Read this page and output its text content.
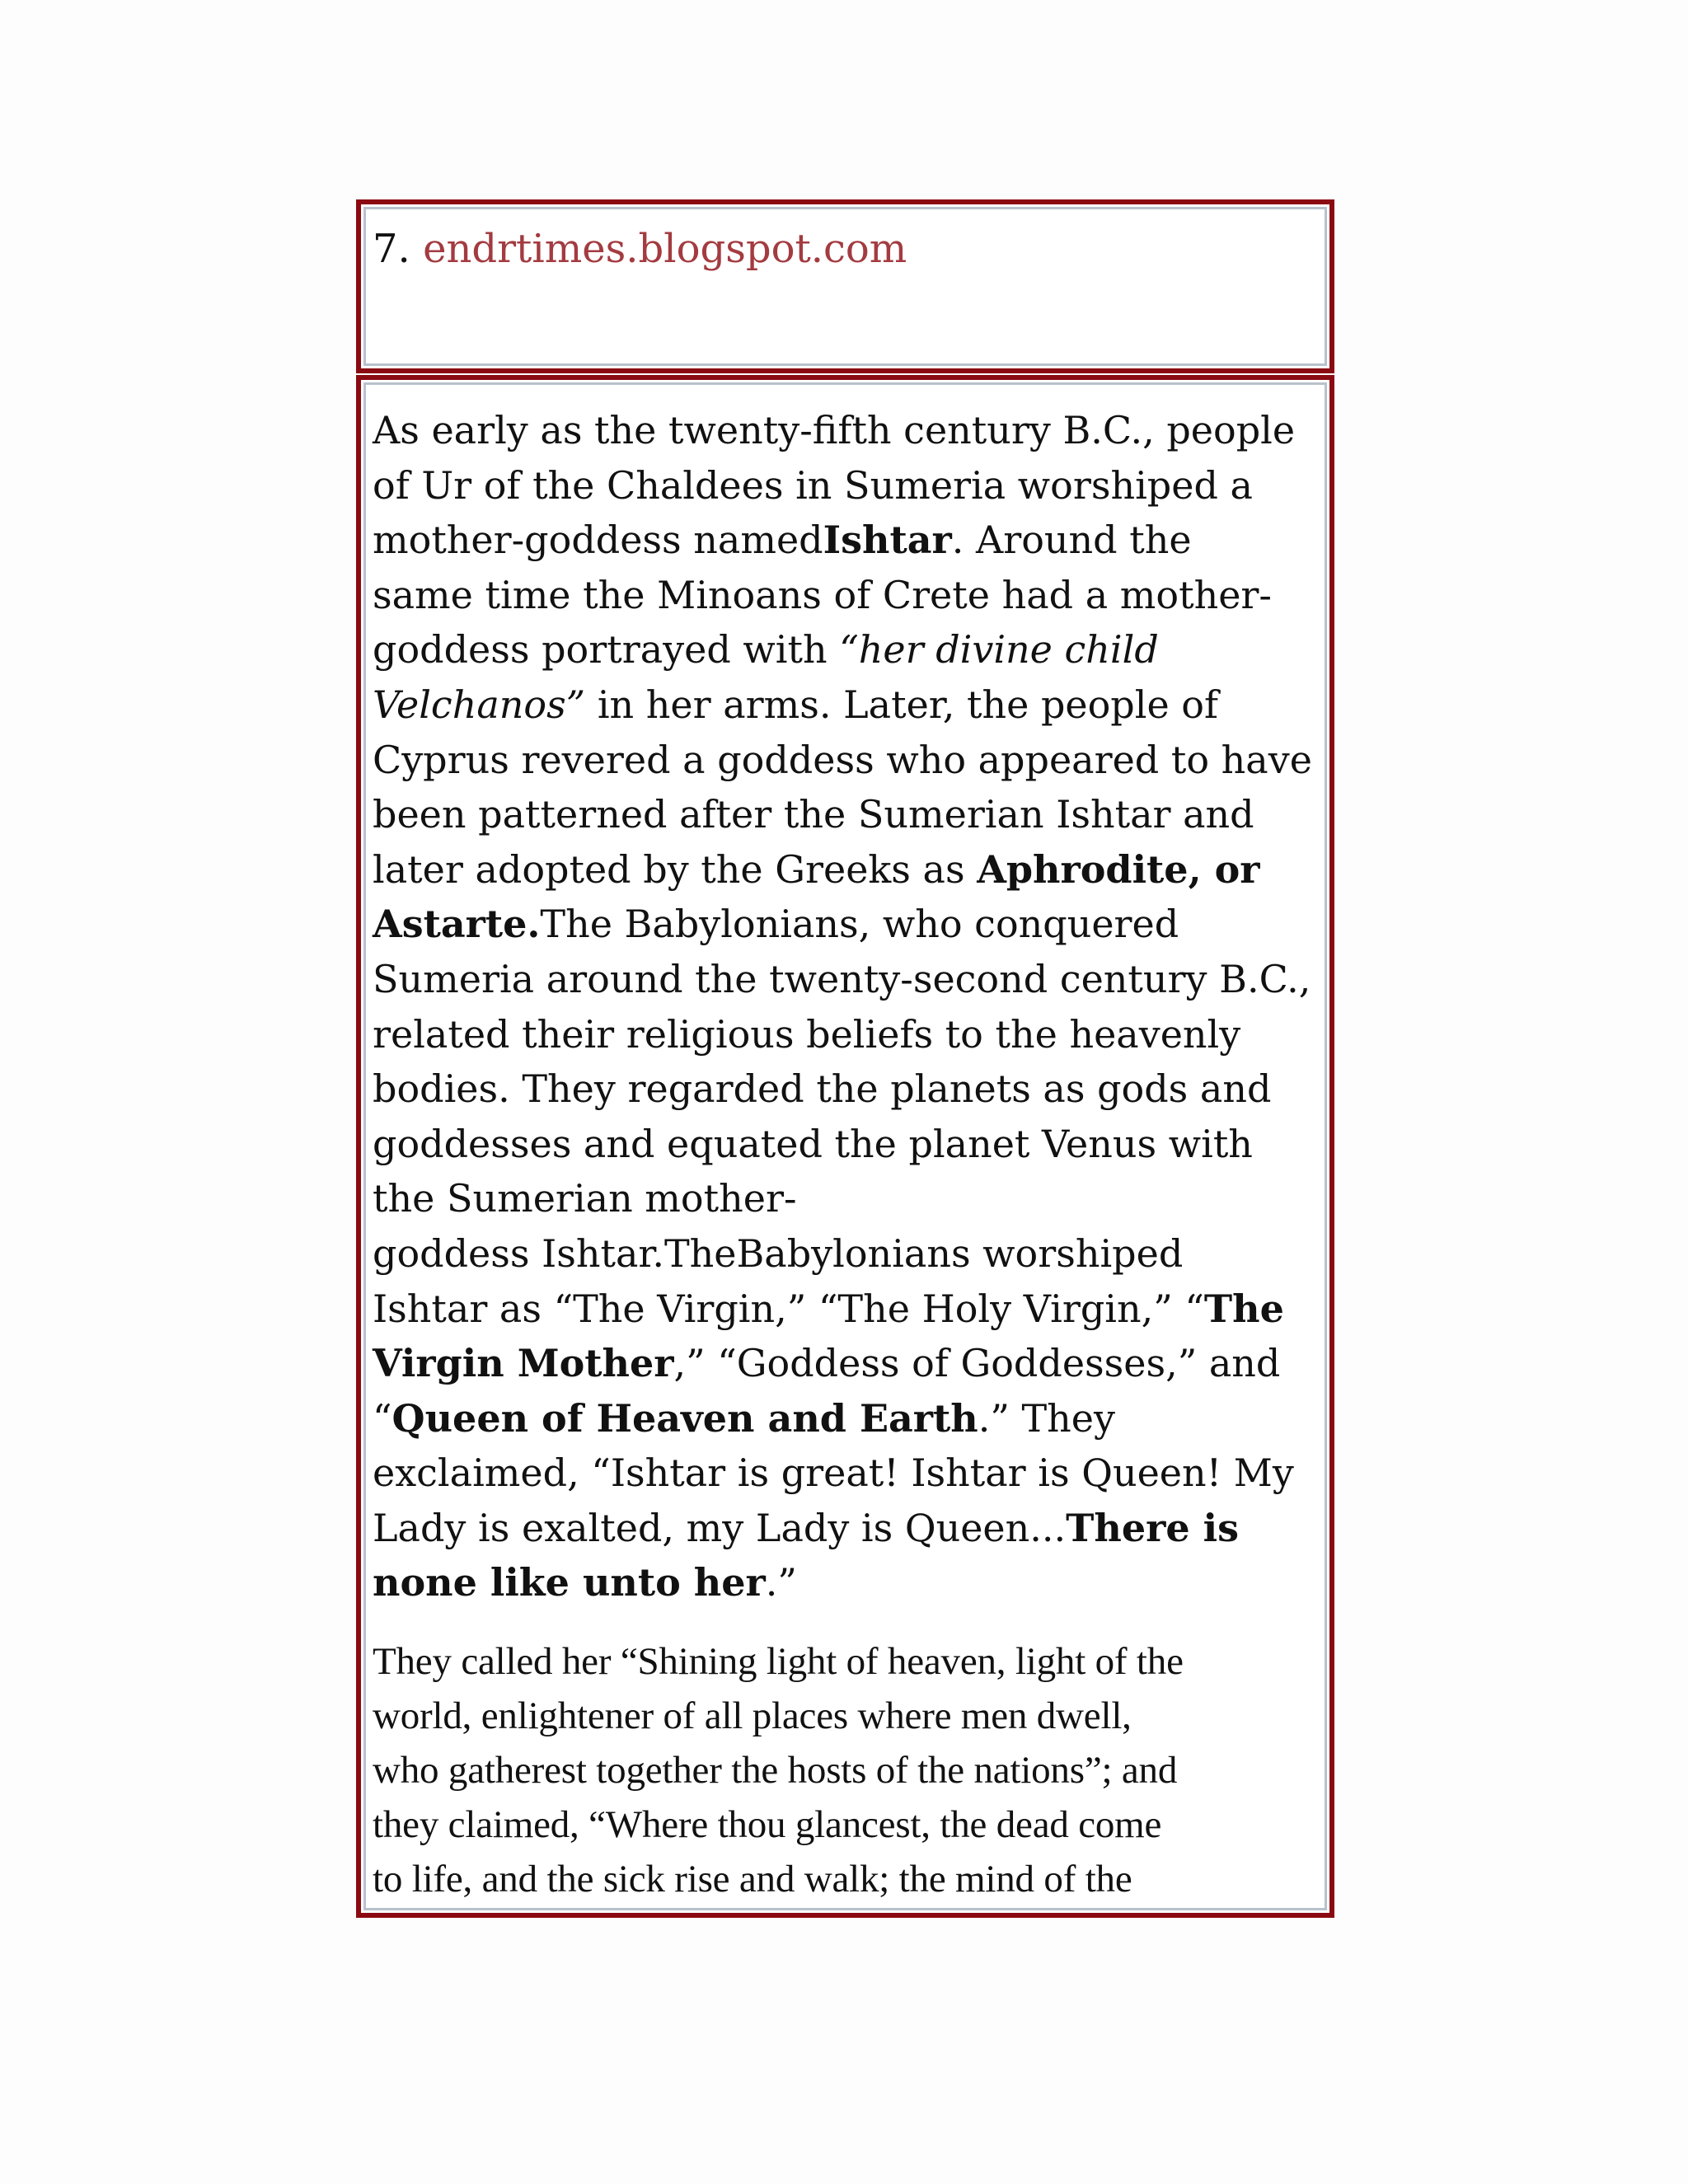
7. endrtimes.blogspot.com
As early as the twenty-fifth century B.C., people
of Ur of the Chaldees in Sumeria worshiped a
mother-goddess namedIshtar. Around the
same time the Minoans of Crete had a mother-
goddess portrayed with “her divine child
Velchanos” in her arms. Later, the people of
Cyprus revered a goddess who appeared to have
been patterned after the Sumerian Ishtar and
later adopted by the Greeks as Aphrodite, or
Astarte.The Babylonians, who conquered
Sumeria around the twenty-second century B.C.,
related their religious beliefs to the heavenly
bodies. They regarded the planets as gods and
goddesses and equated the planet Venus with
the Sumerian mother-
goddess Ishtar.TheBabylonians worshiped
Ishtar as “The Virgin,” “The Holy Virgin,” “The
Virgin Mother,” “Goddess of Goddesses,” and
“Queen of Heaven and Earth.” They
exclaimed, “Ishtar is great! Ishtar is Queen! My
Lady is exalted, my Lady is Queen...There is
none like unto her.”
They called her “Shining light of heaven, light of the
world, enlightener of all places where men dwell,
who gatherest together the hosts of the nations”; and
they claimed, “Where thou glancest, the dead come
to life, and the sick rise and walk; the mind of the
